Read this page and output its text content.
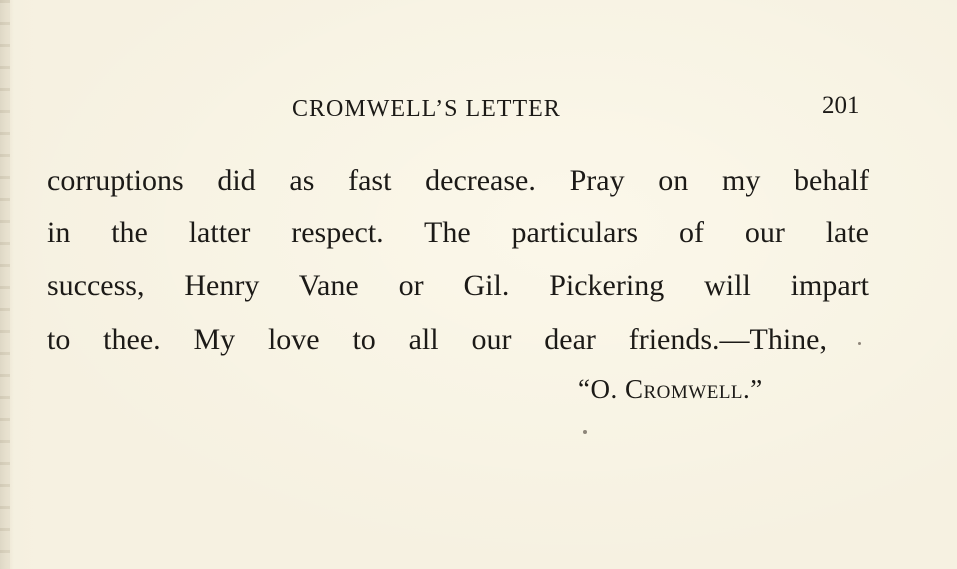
CROMWELL’S LETTER	201
corruptions did as fast decrease. Pray on my behalf
in the latter respect. The particulars of our late
success, Henry Vane or Gil. Pickering will impart
to thee. My love to all our dear friends.—Thine,
“O. Cromwell.”
